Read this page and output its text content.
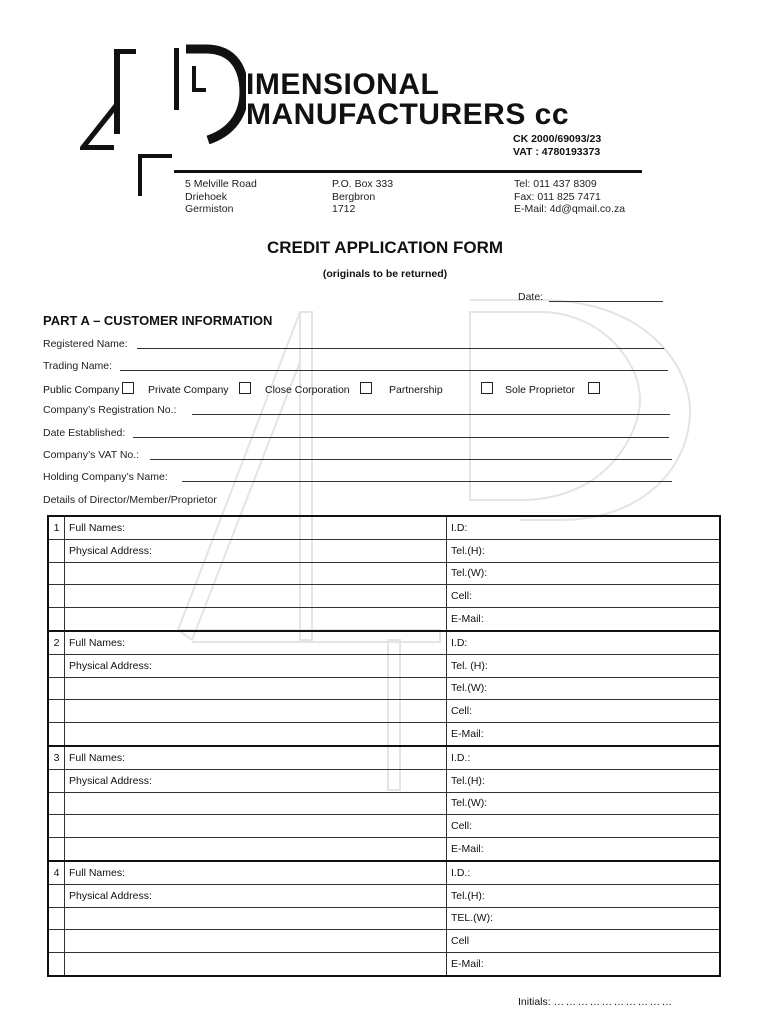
IMENSIONAL
MANUFACTURERS cc
CK 2000/69093/23
VAT : 4780193373
5 Melville Road
Driehoek
Germiston
P.O. Box 333
Bergbron
1712
Tel: 011 437 8309
Fax: 011 825 7471
E-Mail: 4d@qmail.co.za
CREDIT APPLICATION FORM
(originals to be returned)
Date:
PART A – CUSTOMER INFORMATION
Registered Name:
Trading Name:
Public Company	Private Company	Close Corporation	Partnership	Sole Proprietor
Company’s Registration No.:
Date Established:
Company’s VAT No.:
Holding Company’s Name:
Details of Director/Member/Proprietor
1	Full Names:	I.D:
	Physical Address:	Tel.(H):
		Tel.(W):
		Cell:
		E-Mail:
2	Full Names:	I.D:
	Physical Address:	Tel. (H):
		Tel.(W):
		Cell:
		E-Mail:
3	Full Names:	I.D.:
	Physical Address:	Tel.(H):
		Tel.(W):
		Cell:
		E-Mail:
4	Full Names:	I.D.:
	Physical Address:	Tel.(H):
		TEL.(W):
		Cell
		E-Mail:
Initials: …………………………
